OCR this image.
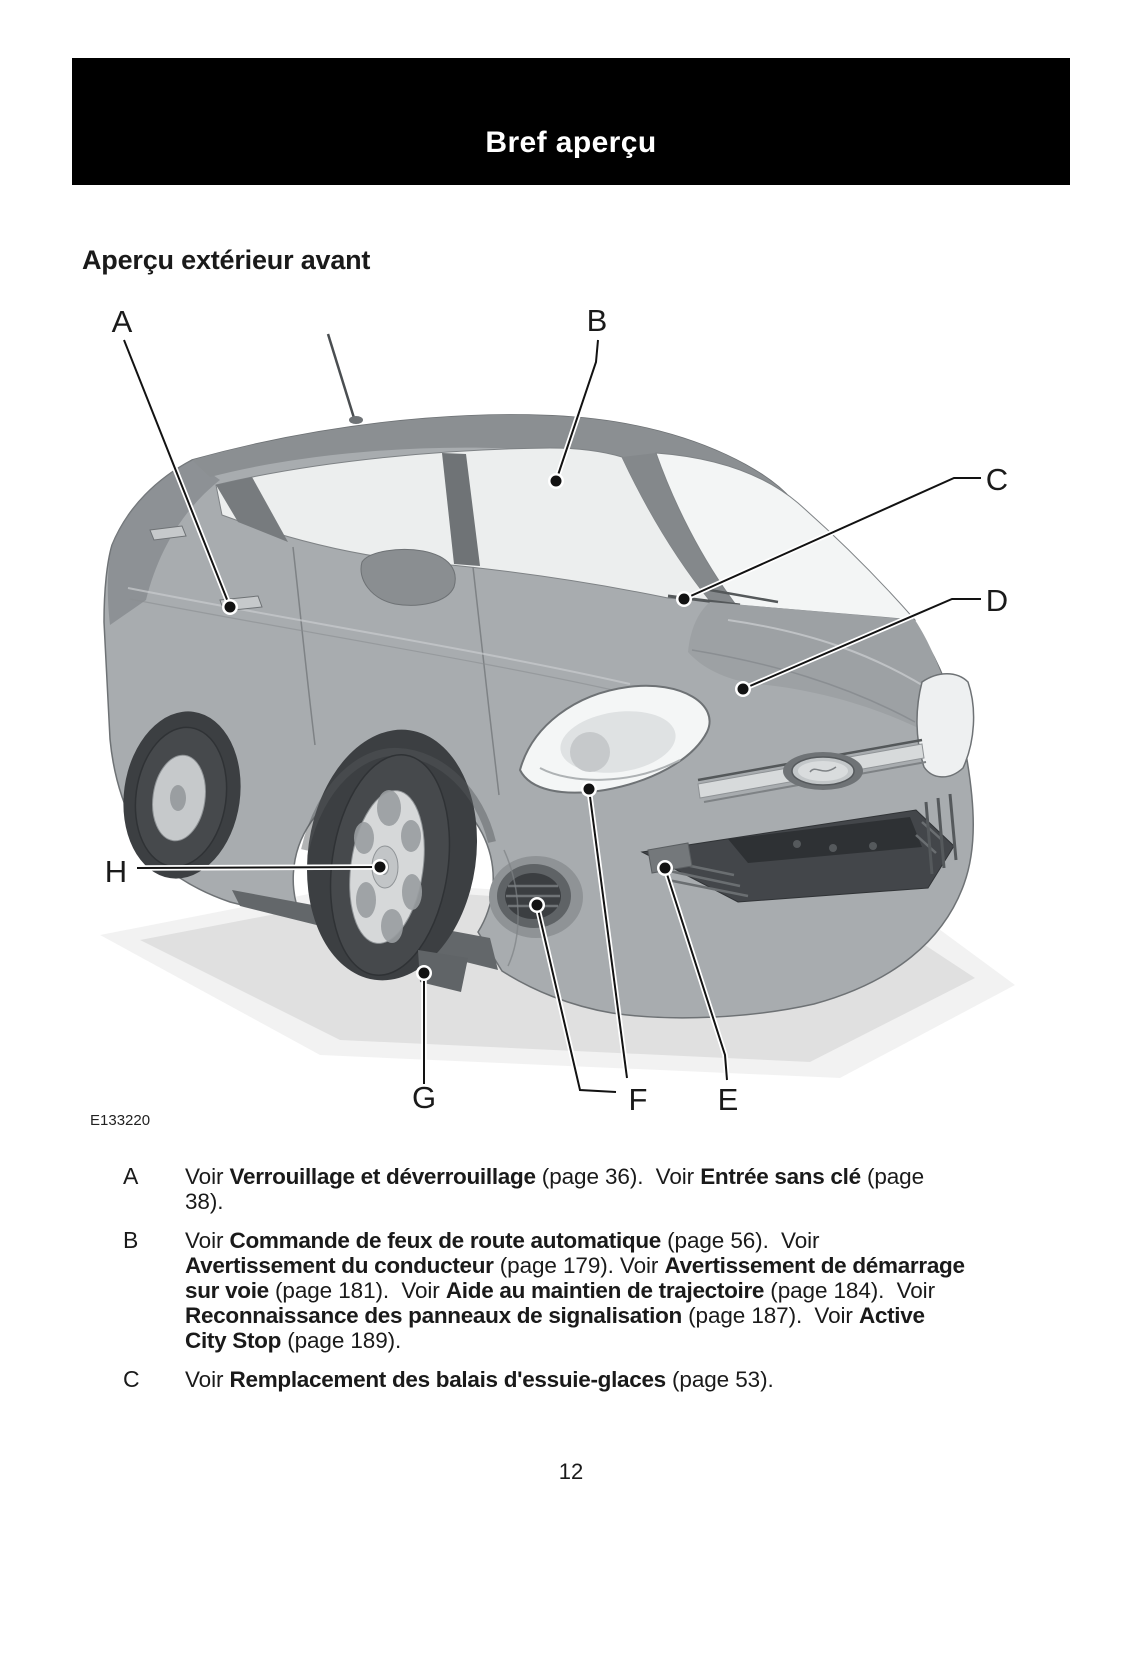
Bref aperçu
Aperçu extérieur avant
A	B
C
D
E
F
G
H
E133220
A	Voir Verrouillage et déverrouillage (page 36).  Voir Entrée sans clé (page
38).
B	Voir Commande de feux de route automatique (page 56).  Voir
Avertissement du conducteur (page 179). Voir Avertissement de démarrage
sur voie (page 181).  Voir Aide au maintien de trajectoire (page 184).  Voir
Reconnaissance des panneaux de signalisation (page 187).  Voir Active
City Stop (page 189).
C	Voir Remplacement des balais d'essuie-glaces (page 53).
12
